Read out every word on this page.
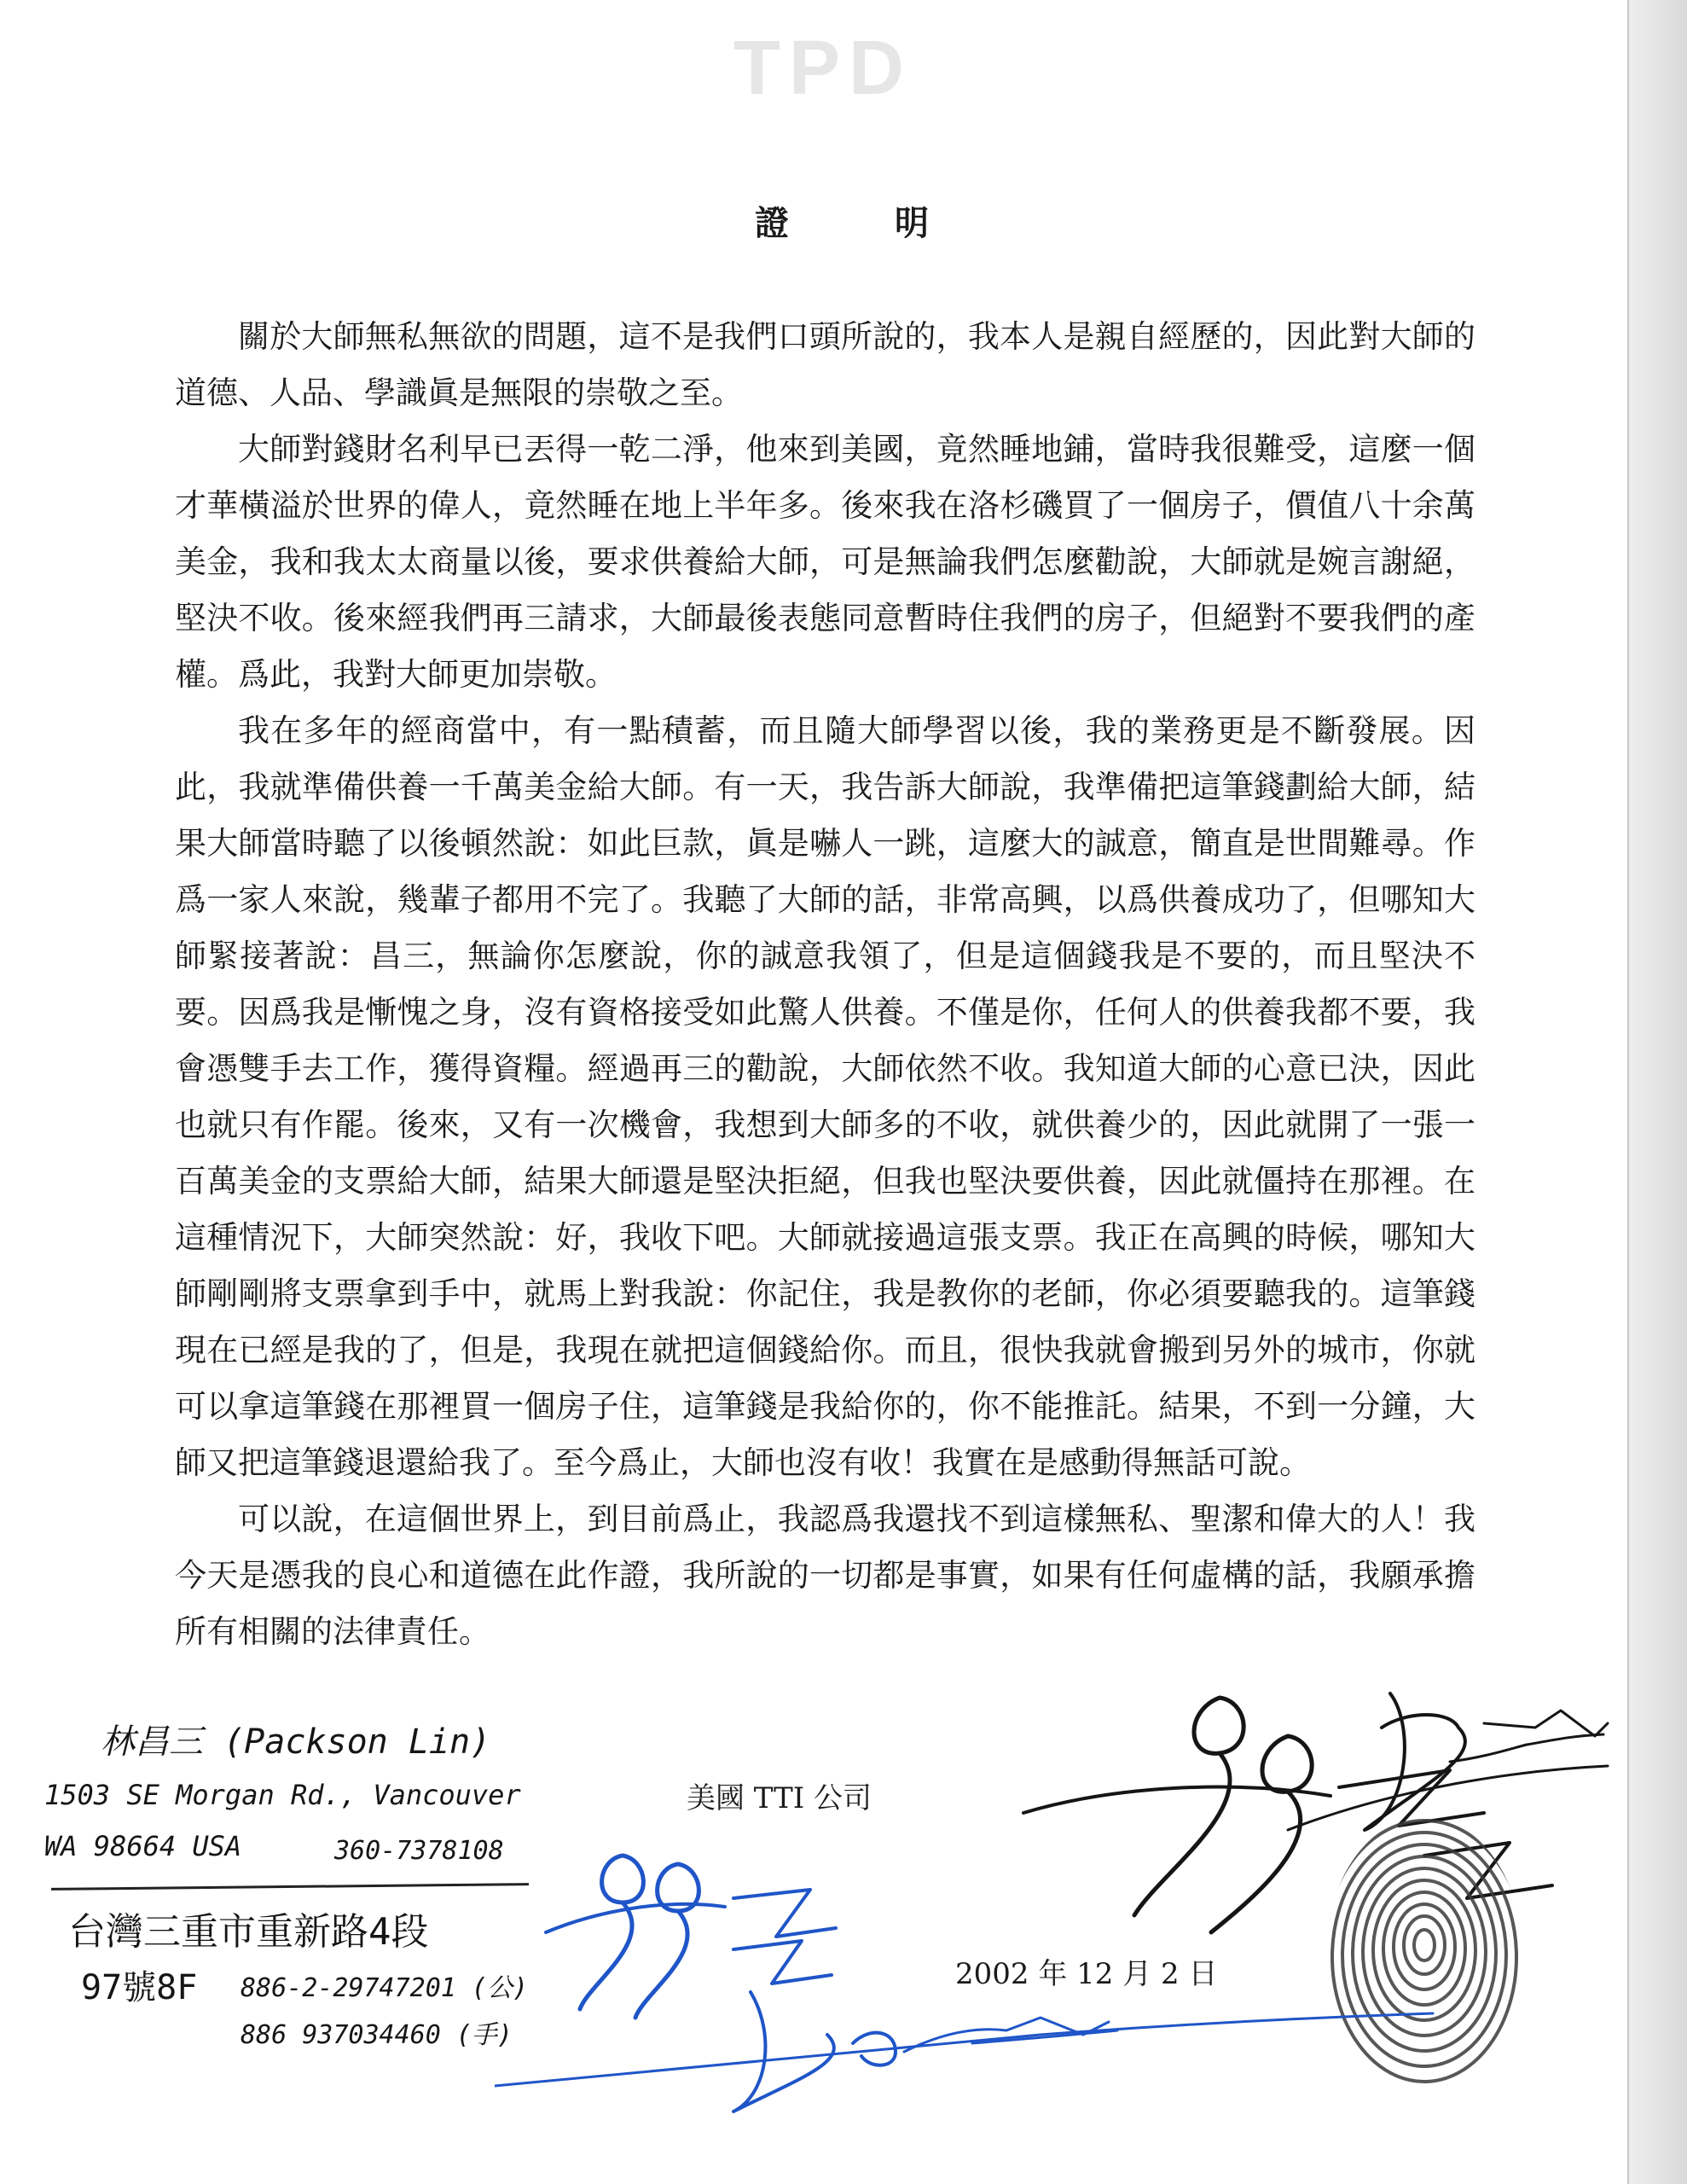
TPD
證	明

關於大師無私無欲的問題，這不是我們口頭所說的，我本人是親自經歷的，因此對大師的道德、人品、學識眞是無限的崇敬之至。

大師對錢財名利早已丟得一乾二淨，他來到美國，竟然睡地鋪，當時我很難受，這麼一個才華橫溢於世界的偉人，竟然睡在地上半年多。後來我在洛杉磯買了一個房子，價值八十余萬美金，我和我太太商量以後，要求供養給大師，可是無論我們怎麼勸說，大師就是婉言謝絕，堅決不收。後來經我們再三請求，大師最後表態同意暫時住我們的房子，但絕對不要我們的產權。爲此，我對大師更加崇敬。

我在多年的經商當中，有一點積蓄，而且隨大師學習以後，我的業務更是不斷發展。因此，我就準備供養一千萬美金給大師。有一天，我告訴大師說，我準備把這筆錢劃給大師，結果大師當時聽了以後頓然說：如此巨款，眞是嚇人一跳，這麼大的誠意，簡直是世間難尋。作爲一家人來說，幾輩子都用不完了。我聽了大師的話，非常高興，以爲供養成功了，但哪知大師緊接著說：昌三，無論你怎麼說，你的誠意我領了，但是這個錢我是不要的，而且堅決不要。因爲我是慚愧之身，沒有資格接受如此驚人供養。不僅是你，任何人的供養我都不要，我會憑雙手去工作，獲得資糧。經過再三的勸說，大師依然不收。我知道大師的心意已決，因此也就只有作罷。後來，又有一次機會，我想到大師多的不收，就供養少的，因此就開了一張一百萬美金的支票給大師，結果大師還是堅決拒絕，但我也堅決要供養，因此就僵持在那裡。在這種情況下，大師突然說：好，我收下吧。大師就接過這張支票。我正在高興的時候，哪知大師剛剛將支票拿到手中，就馬上對我說：你記住，我是教你的老師，你必須要聽我的。這筆錢現在已經是我的了，但是，我現在就把這個錢給你。而且，很快我就會搬到另外的城市，你就可以拿這筆錢在那裡買一個房子住，這筆錢是我給你的，你不能推託。結果，不到一分鐘，大師又把這筆錢退還給我了。至今爲止，大師也沒有收！我實在是感動得無話可說。

可以說，在這個世界上，到目前爲止，我認爲我還找不到這樣無私、聖潔和偉大的人！我今天是憑我的良心和道德在此作證，我所說的一切都是事實，如果有任何虛構的話，我願承擔所有相關的法律責任。

美國 TTI 公司
2002 年 12 月 2 日
林昌三 (Packson Lin)
1503 SE Morgan Rd., Vancouver
WA 98664 USA	360-7378108
台灣三重市重新路4段
97號8F 886-2-29747201 (公)
886 937034460 (手)
